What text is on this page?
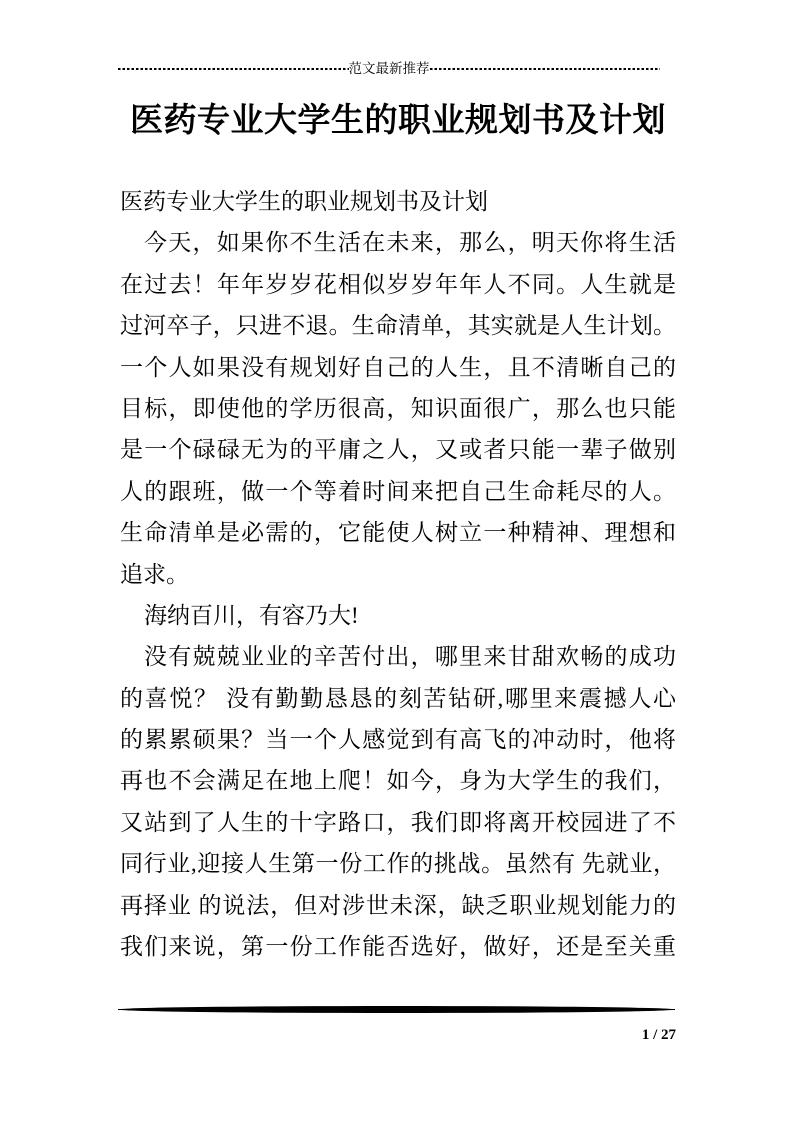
范文最新推荐
医药专业大学生的职业规划书及计划
医药专业大学生的职业规划书及计划
今天，如果你不生活在未来，那么，明天你将生活
在过去！年年岁岁花相似岁岁年年人不同。人生就是
过河卒子，只进不退。生命清单，其实就是人生计划。
一个人如果没有规划好自己的人生，且不清晰自己的
目标，即使他的学历很高，知识面很广，那么也只能
是一个碌碌无为的平庸之人，又或者只能一辈子做别
人的跟班，做一个等着时间来把自己生命耗尽的人。
生命清单是必需的，它能使人树立一种精神、理想和
追求。
海纳百川，有容乃大!
没有兢兢业业的辛苦付出，哪里来甘甜欢畅的成功
的喜悦？ 没有勤勤恳恳的刻苦钻研,哪里来震撼人心
的累累硕果？当一个人感觉到有高飞的冲动时，他将
再也不会满足在地上爬！如今，身为大学生的我们，
又站到了人生的十字路口，我们即将离开校园进了不
同行业,迎接人生第一份工作的挑战。虽然有 先就业，
再择业 的说法，但对涉世未深，缺乏职业规划能力的
我们来说，第一份工作能否选好，做好，还是至关重
1 / 27
